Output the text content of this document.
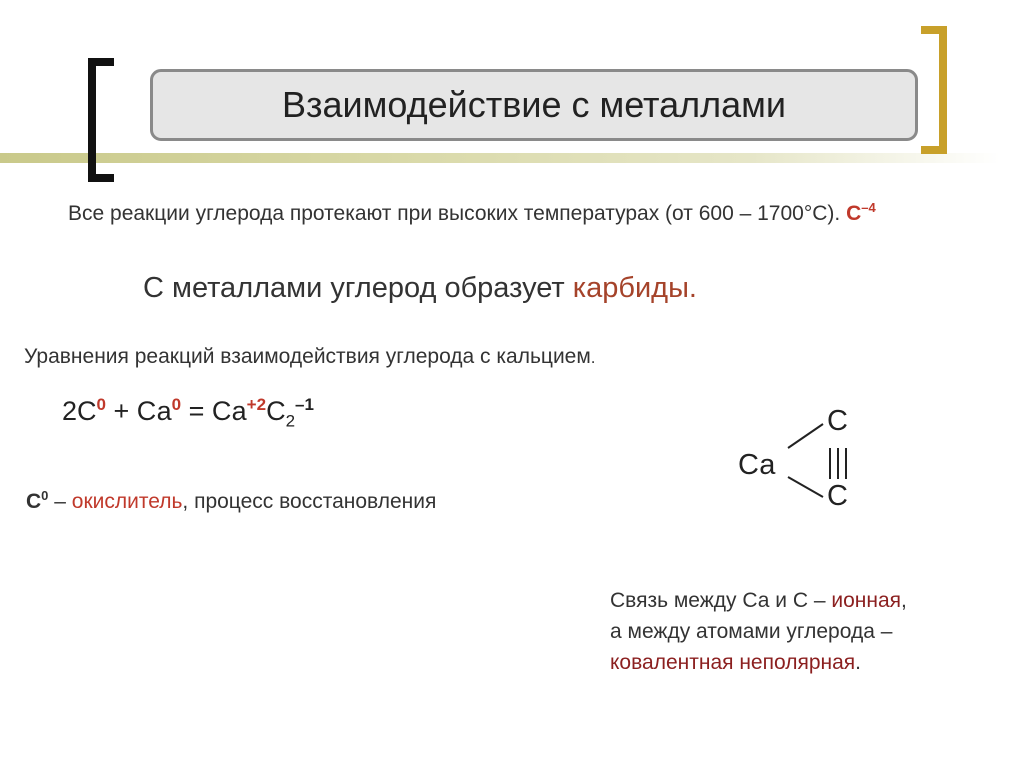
Взаимодействие с металлами
Все реакции углерода протекают при высоких температурах (от 600 – 1700°С). $С^{-4}$
С металлами углерод образует карбиды.
Уравнения реакций взаимодействия углерода с кальцием.
$2С^0 + Са^0 = Са^{+2}С_2^{-1}$
$С^0$ – окислитель, процесс восстановления
Са
С
С
Связь между Са и С – ионная,
а между атомами углерода –
ковалентная неполярная.
